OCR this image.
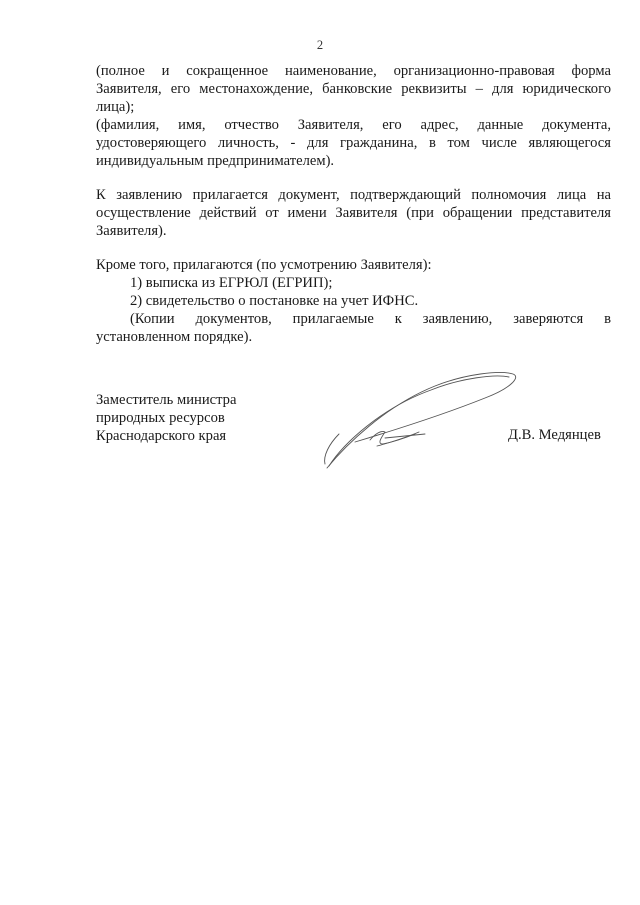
2
(полное и сокращенное наименование, организационно-правовая форма
Заявителя, его местонахождение, банковские реквизиты – для юридического
лица);
(фамилия, имя, отчество Заявителя, его адрес, данные документа,
удостоверяющего личность, - для гражданина, в том числе являющегося
индивидуальным предпринимателем).
К заявлению прилагается документ, подтверждающий полномочия лица на
осуществление действий от имени Заявителя (при обращении представителя
Заявителя).
Кроме того, прилагаются (по усмотрению Заявителя):
1) выписка из ЕГРЮЛ (ЕГРИП);
2) свидетельство о постановке на учет ИФНС.
(Копии документов, прилагаемые к заявлению, заверяются в
установленном порядке).
Заместитель министра
природных ресурсов
Краснодарского края	Д.В. Медянцев
